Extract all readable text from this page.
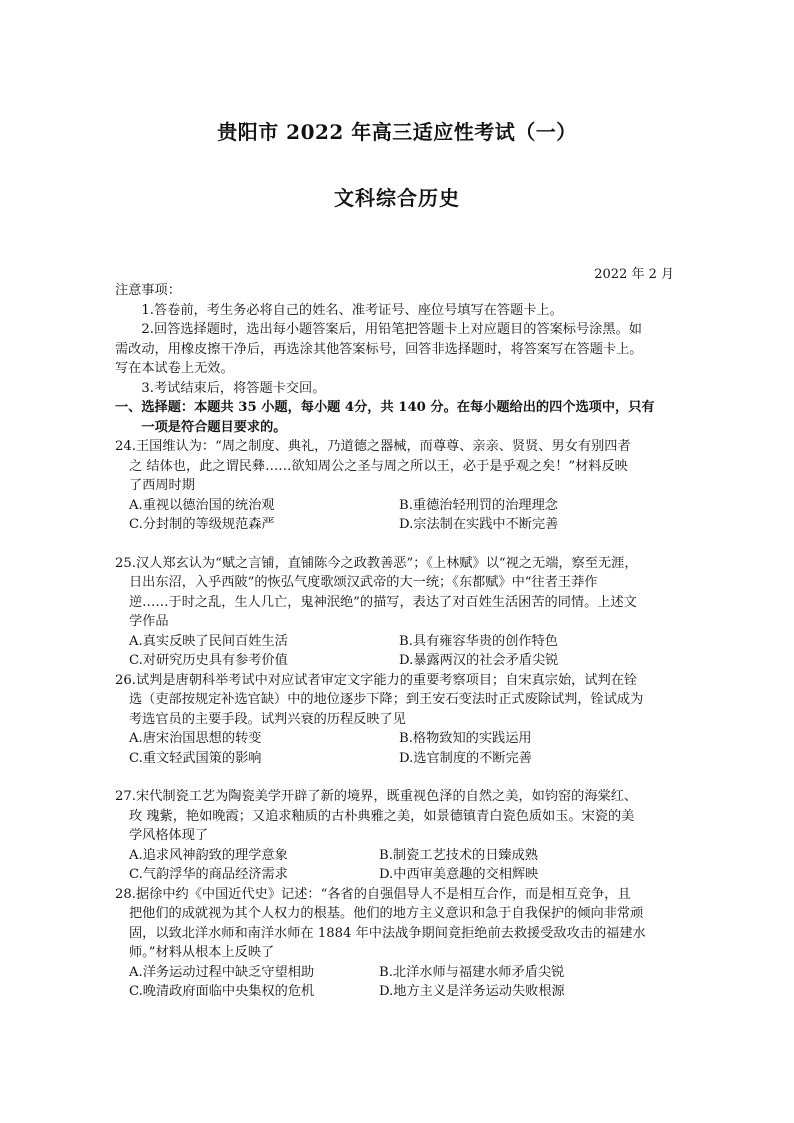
贵阳市 2022 年高三适应性考试（一）
文科综合历史
2022 年 2 月

注意事项：

1.答卷前，考生务必将自己的姓名、准考证号、座位号填写在答题卡上。

2.回答选择题时，选出每小题答案后，用铅笔把答题卡上对应题目的答案标号涂黑。如

需改动，用橡皮擦干净后，再选涂其他答案标号，回答非选择题时，将答案写在答题卡上。

写在本试卷上无效。

3.考试结束后，将答题卡交回。

一、选择题：本题共 35 小题，每小题 4分，共 140 分。在每小题给出的四个选项中，只有

一项是符合题目要求的。

24.王国维认为：“周之制度、典礼，乃道德之器械，而尊尊、亲亲、贤贤、男女有别四者

之 结体也，此之谓民彝……欲知周公之圣与周之所以王，必于是乎观之矣！”材料反映

了西周时期

A.重视以德治国的统治观	B.重德治轻刑罚的治理理念
C.分封制的等级规范森严	D.宗法制在实践中不断完善

25.汉人郑玄认为“赋之言铺，直铺陈今之政教善恶”；《上林赋》以“视之无端，察至无涯，

日出东沼，入乎西陂”的恢弘气度歌颂汉武帝的大一统；《东都赋》中“往者王莽作

逆……于时之乱，生人几亡，鬼神泯绝”的描写，表达了对百姓生活困苦的同情。上述文

学作品

A.真实反映了民间百姓生活	B.具有雍容华贵的创作特色
C.对研究历史具有参考价值	D.暴露两汉的社会矛盾尖锐

26.试判是唐朝科举考试中对应试者审定文字能力的重要考察项目；自宋真宗始，试判在铨

选（吏部按规定补选官缺）中的地位逐步下降；到王安石变法时正式废除试判，铨试成为

考选官员的主要手段。试判兴衰的历程反映了见

A.唐宋治国思想的转变	B.格物致知的实践运用
C.重文轻武国策的影响	D.选官制度的不断完善

27.宋代制瓷工艺为陶瓷美学开辟了新的境界，既重视色泽的自然之美，如钧窑的海棠红、

玫 瑰紫，艳如晚霞；又追求釉质的古朴典雅之美，如景德镇青白瓷色质如玉。宋瓷的美

学风格体现了

A.追求风神韵致的理学意象	B.制瓷工艺技术的日臻成熟
C.气韵浮华的商品经济需求	D.中西审美意趣的交相辉映

28.据徐中约《中国近代史》记述：“各省的自强倡导人不是相互合作，而是相互竞争，且

把他们的成就视为其个人权力的根基。他们的地方主义意识和急于自我保护的倾向非常顽

固，以致北洋水师和南洋水师在 1884 年中法战争期间竟拒绝前去救援受敌攻击的福建水

师。”材料从根本上反映了

A.洋务运动过程中缺乏守望相助	B.北洋水师与福建水师矛盾尖锐
C.晚清政府面临中央集权的危机	D.地方主义是洋务运动失败根源
